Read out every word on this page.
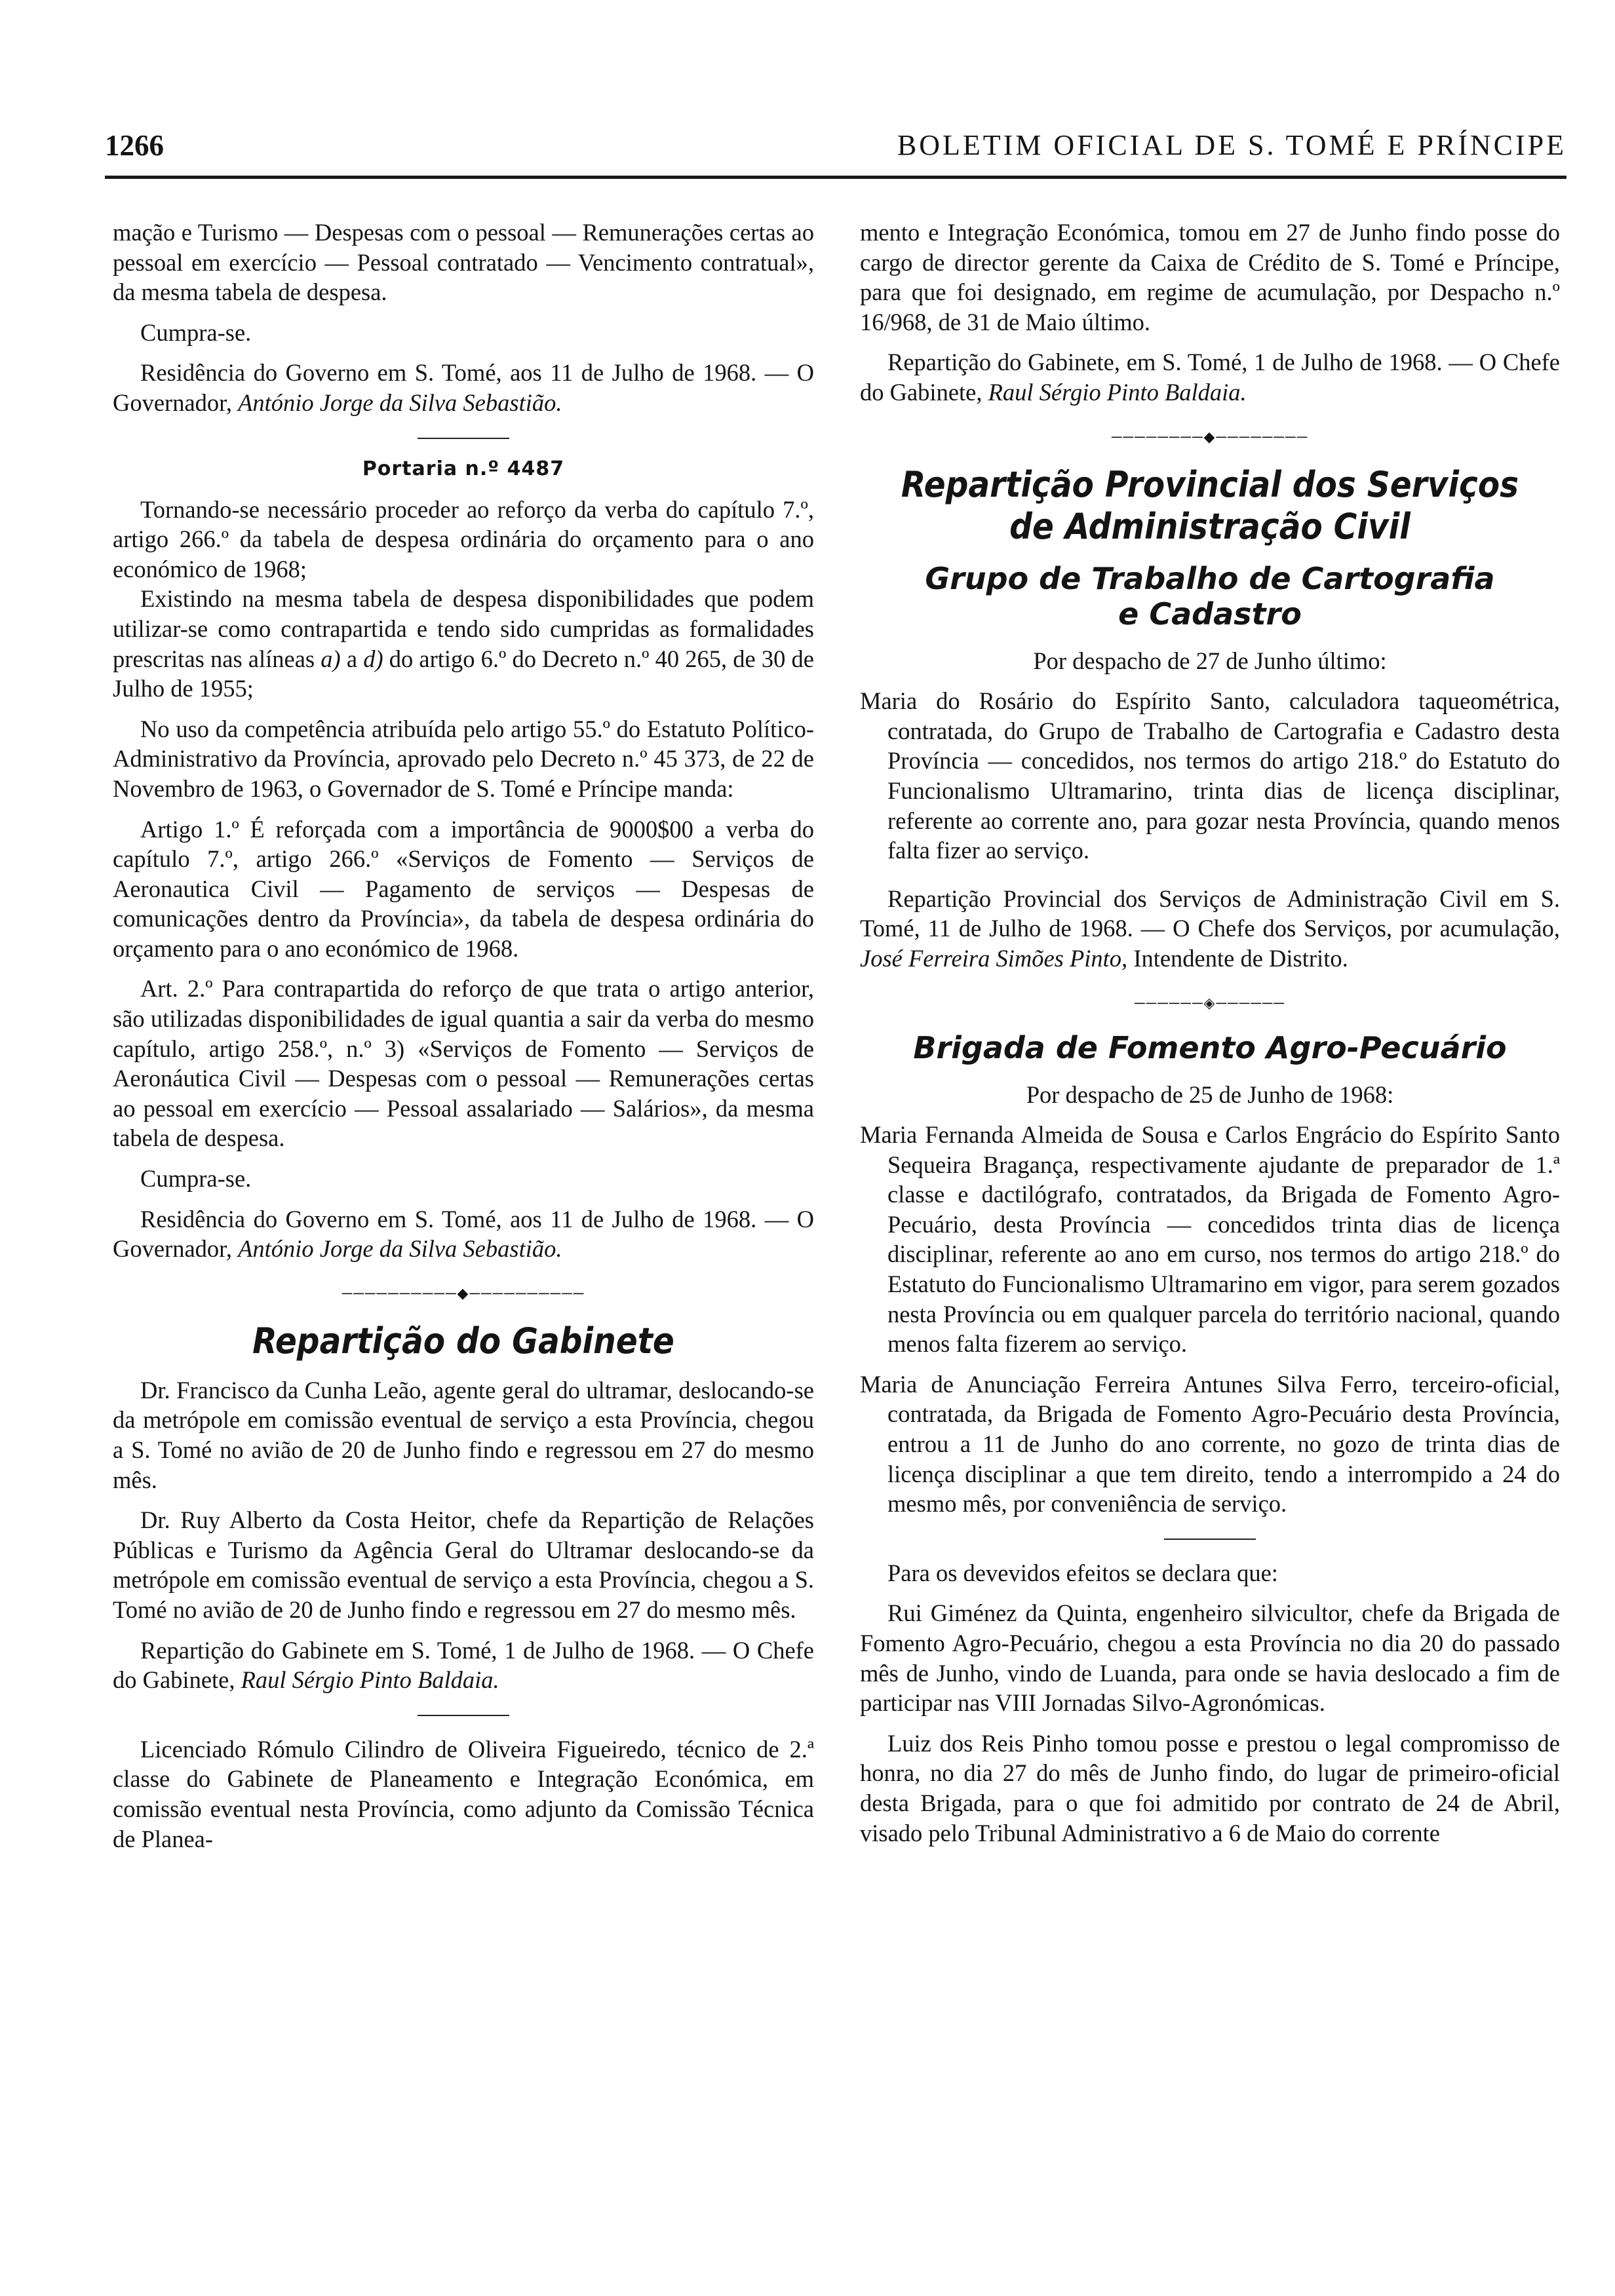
1266	BOLETIM OFICIAL DE S. TOMÉ E PRÍNCIPE

mação e Turismo — Despesas com o pessoal — Remunerações certas ao pessoal em exercício — Pessoal contratado — Vencimento contratual», da mesma tabela de despesa.

Cumpra-se.

Residência do Governo em S. Tomé, aos 11 de Julho de 1968. — O Governador, António Jorge da Silva Sebastião.

Portaria n.º 4487

Tornando-se necessário proceder ao reforço da verba do capítulo 7.º, artigo 266.º da tabela de despesa ordinária do orçamento para o ano económico de 1968;

Existindo na mesma tabela de despesa disponibilidades que podem utilizar-se como contrapartida e tendo sido cumpridas as formalidades prescritas nas alíneas a) a d) do artigo 6.º do Decreto n.º 40 265, de 30 de Julho de 1955;

No uso da competência atribuída pelo artigo 55.º do Estatuto Político-Administrativo da Província, aprovado pelo Decreto n.º 45 373, de 22 de Novembro de 1963, o Governador de S. Tomé e Príncipe manda:

Artigo 1.º É reforçada com a importância de 9000$00 a verba do capítulo 7.º, artigo 266.º «Serviços de Fomento — Serviços de Aeronautica Civil — Pagamento de serviços — Despesas de comunicações dentro da Província», da tabela de despesa ordinária do orçamento para o ano económico de 1968.

Art. 2.º Para contrapartida do reforço de que trata o artigo anterior, são utilizadas disponibilidades de igual quantia a sair da verba do mesmo capítulo, artigo 258.º, n.º 3) «Serviços de Fomento — Serviços de Aeronáutica Civil — Despesas com o pessoal — Remunerações certas ao pessoal em exercício — Pessoal assalariado — Salários», da mesma tabela de despesa.

Cumpra-se.

Residência do Governo em S. Tomé, aos 11 de Julho de 1968. — O Governador, António Jorge da Silva Sebastião.

──────────◆──────────
Repartição do Gabinete

Dr. Francisco da Cunha Leão, agente geral do ultramar, deslocando-se da metrópole em comissão eventual de serviço a esta Província, chegou a S. Tomé no avião de 20 de Junho findo e regressou em 27 do mesmo mês.

Dr. Ruy Alberto da Costa Heitor, chefe da Repartição de Relações Públicas e Turismo da Agência Geral do Ultramar deslocando-se da metrópole em comissão eventual de serviço a esta Província, chegou a S. Tomé no avião de 20 de Junho findo e regressou em 27 do mesmo mês.

Repartição do Gabinete em S. Tomé, 1 de Julho de 1968. — O Chefe do Gabinete, Raul Sérgio Pinto Baldaia.

Licenciado Rómulo Cilindro de Oliveira Figueiredo, técnico de 2.ª classe do Gabinete de Planeamento e Integração Económica, em comissão eventual nesta Província, como adjunto da Comissão Técnica de Planea-

mento e Integração Económica, tomou em 27 de Junho findo posse do cargo de director gerente da Caixa de Crédito de S. Tomé e Príncipe, para que foi designado, em regime de acumulação, por Despacho n.º 16/968, de 31 de Maio último.

Repartição do Gabinete, em S. Tomé, 1 de Julho de 1968. — O Chefe do Gabinete, Raul Sérgio Pinto Baldaia.

────────◆────────
Repartição Provincial dos Serviços
de Administração Civil
Grupo de Trabalho de Cartografia
e Cadastro

Por despacho de 27 de Junho último:

Maria do Rosário do Espírito Santo, calculadora taqueométrica, contratada, do Grupo de Trabalho de Cartografia e Cadastro desta Província — concedidos, nos termos do artigo 218.º do Estatuto do Funcionalismo Ultramarino, trinta dias de licença disciplinar, referente ao corrente ano, para gozar nesta Província, quando menos falta fizer ao serviço.

Repartição Provincial dos Serviços de Administração Civil em S. Tomé, 11 de Julho de 1968. — O Chefe dos Serviços, por acumulação, José Ferreira Simões Pinto, Intendente de Distrito.

──────◈──────
Brigada de Fomento Agro-Pecuário

Por despacho de 25 de Junho de 1968:

Maria Fernanda Almeida de Sousa e Carlos Engrácio do Espírito Santo Sequeira Bragança, respectivamente ajudante de preparador de 1.ª classe e dactilógrafo, contratados, da Brigada de Fomento Agro-Pecuário, desta Província — concedidos trinta dias de licença disciplinar, referente ao ano em curso, nos termos do artigo 218.º do Estatuto do Funcionalismo Ultramarino em vigor, para serem gozados nesta Província ou em qualquer parcela do território nacional, quando menos falta fizerem ao serviço.

Maria de Anunciação Ferreira Antunes Silva Ferro, terceiro-oficial, contratada, da Brigada de Fomento Agro-Pecuário desta Província, entrou a 11 de Junho do ano corrente, no gozo de trinta dias de licença disciplinar a que tem direito, tendo a interrompido a 24 do mesmo mês, por conveniência de serviço.

Para os devevidos efeitos se declara que:

Rui Giménez da Quinta, engenheiro silvicultor, chefe da Brigada de Fomento Agro-Pecuário, chegou a esta Província no dia 20 do passado mês de Junho, vindo de Luanda, para onde se havia deslocado a fim de participar nas VIII Jornadas Silvo-Agronómicas.

Luiz dos Reis Pinho tomou posse e prestou o legal compromisso de honra, no dia 27 do mês de Junho findo, do lugar de primeiro-oficial desta Brigada, para o que foi admitido por contrato de 24 de Abril, visado pelo Tribunal Administrativo a 6 de Maio do corrente
